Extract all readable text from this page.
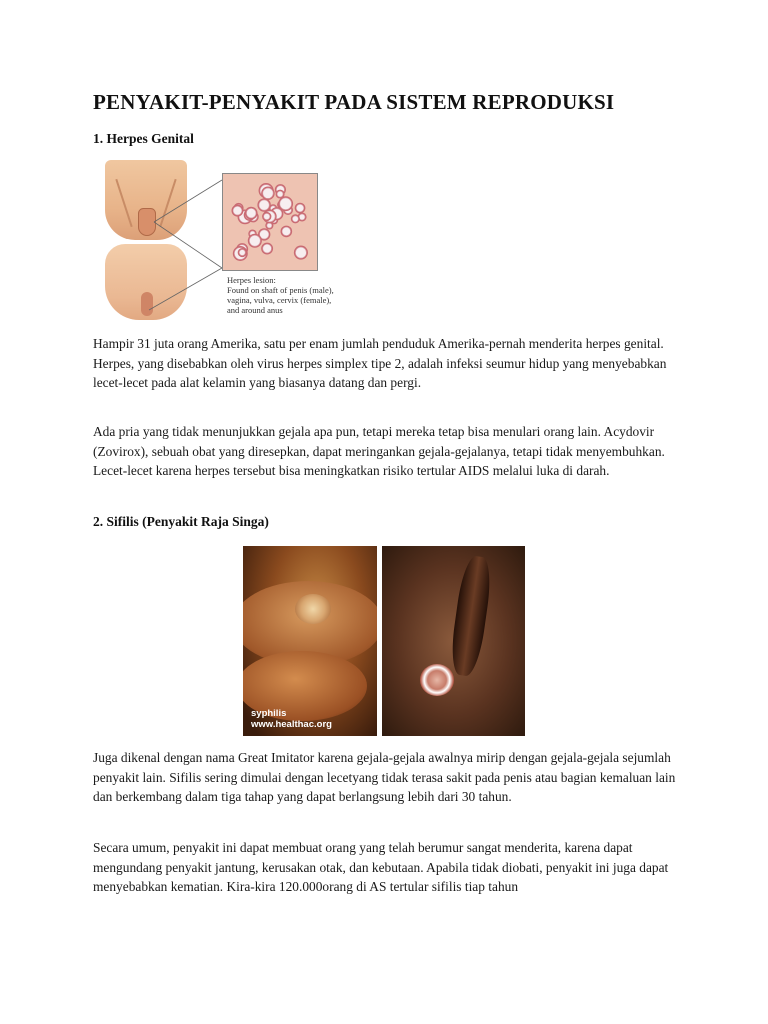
PENYAKIT-PENYAKIT PADA SISTEM REPRODUKSI
1. Herpes Genital
Herpes lesion:
Found on shaft of penis (male),
vagina, vulva, cervix (female),
and around anus

Hampir 31 juta orang Amerika, satu per enam jumlah penduduk Amerika-pernah menderita herpes genital. Herpes, yang disebabkan oleh virus herpes simplex tipe 2, adalah infeksi seumur hidup yang menyebabkan lecet-lecet pada alat kelamin yang biasanya datang dan pergi.

Ada pria yang tidak menunjukkan gejala apa pun, tetapi mereka tetap bisa menulari orang lain. Acydovir (Zovirox), sebuah obat yang diresepkan, dapat meringankan gejala-gejalanya, tetapi tidak menyembuhkan. Lecet-lecet karena herpes tersebut bisa meningkatkan risiko tertular AIDS melalui luka di darah.

2. Sifilis (Penyakit Raja Singa)
syphilis
www.healthac.org

Juga dikenal dengan nama Great Imitator karena gejala-gejala awalnya mirip dengan gejala-gejala sejumlah penyakit lain. Sifilis sering dimulai dengan lecetyang tidak terasa sakit pada penis atau bagian kemaluan lain dan berkembang dalam tiga tahap yang dapat berlangsung lebih dari 30 tahun.

Secara umum, penyakit ini dapat membuat orang yang telah berumur sangat menderita, karena dapat mengundang penyakit jantung, kerusakan otak, dan kebutaan. Apabila tidak diobati, penyakit ini juga dapat menyebabkan kematian. Kira-kira 120.000orang di AS tertular sifilis tiap tahun
